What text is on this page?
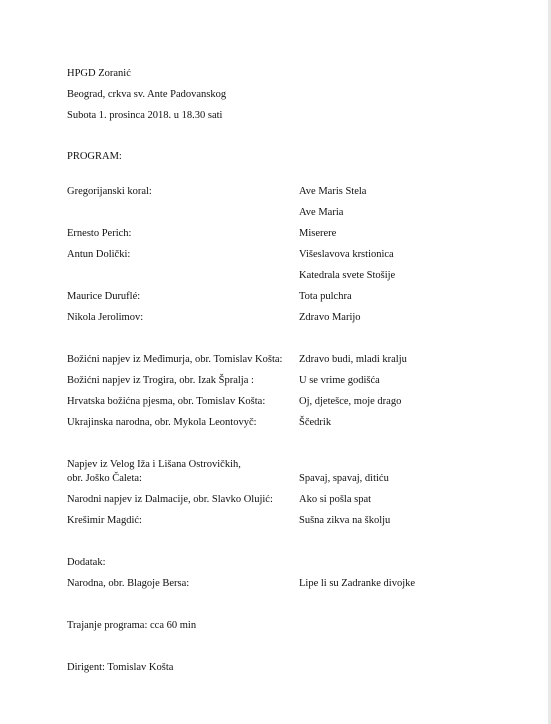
HPGD Zoranić
Beograd, crkva sv. Ante Padovanskog
Subota 1. prosinca 2018. u 18.30 sati
PROGRAM:
Gregorijanski koral:	Ave Maris Stela
Ave Maria
Ernesto Perich:	Miserere
Antun Dolički:	Višeslavova krstionica
Katedrala svete Stošije
Maurice Duruflé:	Tota pulchra
Nikola Jerolimov:	Zdravo Marijo
Božićni napjev iz Međimurja, obr. Tomislav Košta: Zdravo budi, mladi kralju
Božićni napjev iz Trogira, obr. Izak Špralja :	U se vrime godišća
Hrvatska božićna pjesma, obr. Tomislav Košta:	Oj, djetešce, moje drago
Ukrajinska narodna, obr. Mykola Leontovyč:	Ščedrik
Napjev iz Velog Iža i Lišana Ostrovičkih,
obr. Joško Čaleta:	Spavaj, spavaj, dìtiću
Narodni napjev iz Dalmacije, obr. Slavko Olujić: Ako si pošla spat
Krešimir Magdić:	Sušna zikva na školju
Dodatak:
Narodna, obr. Blagoje Bersa:	Lipe li su Zadranke divojke
Trajanje programa: cca 60 min
Dirigent: Tomislav Košta
